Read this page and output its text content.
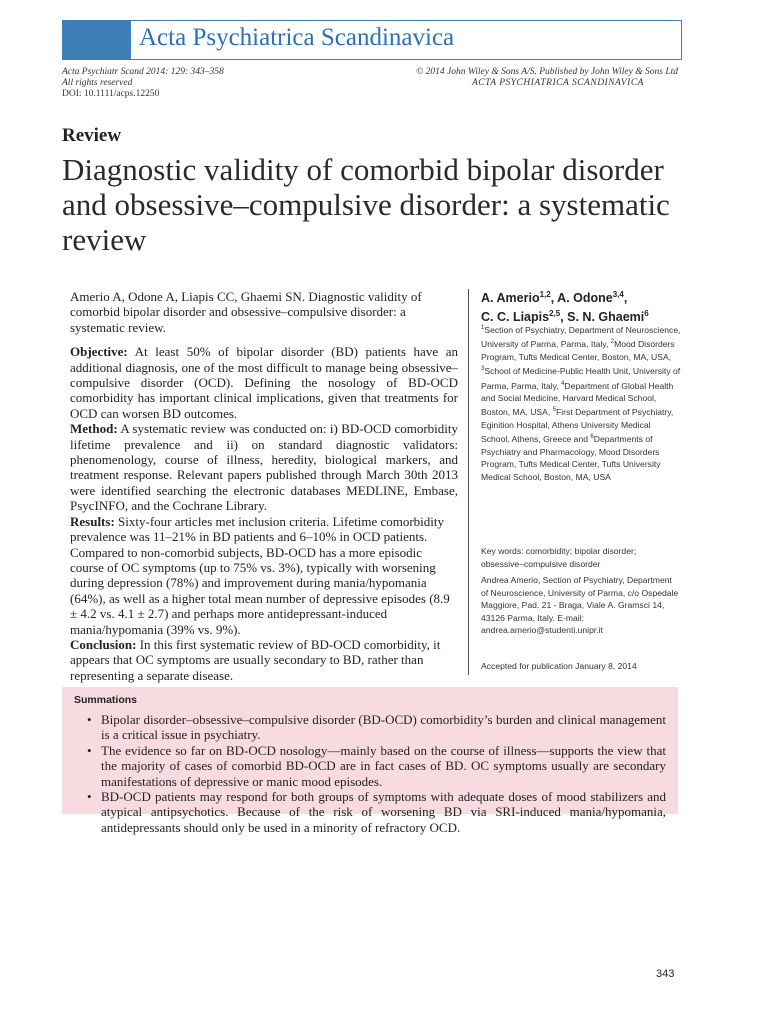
Acta Psychiatrica Scandinavica
Acta Psychiatr Scand 2014: 129: 343–358
All rights reserved
DOI: 10.1111/acps.12250
© 2014 John Wiley & Sons A/S. Published by John Wiley & Sons Ltd
ACTA PSYCHIATRICA SCANDINAVICA
Review
Diagnostic validity of comorbid bipolar disorder and obsessive–compulsive disorder: a systematic review

Amerio A, Odone A, Liapis CC, Ghaemi SN. Diagnostic validity of comorbid bipolar disorder and obsessive–compulsive disorder: a systematic review.

Objective: At least 50% of bipolar disorder (BD) patients have an additional diagnosis, one of the most difficult to manage being obsessive–compulsive disorder (OCD). Defining the nosology of BD-OCD comorbidity has important clinical implications, given that treatments for OCD can worsen BD outcomes.

Method: A systematic review was conducted on: i) BD-OCD comorbidity lifetime prevalence and ii) on standard diagnostic validators: phenomenology, course of illness, heredity, biological markers, and treatment response. Relevant papers published through March 30th 2013 were identified searching the electronic databases MEDLINE, Embase, PsycINFO, and the Cochrane Library.

Results: Sixty-four articles met inclusion criteria. Lifetime comorbidity prevalence was 11–21% in BD patients and 6–10% in OCD patients. Compared to non-comorbid subjects, BD-OCD has a more episodic course of OC symptoms (up to 75% vs. 3%), typically with worsening during depression (78%) and improvement during mania/hypomania (64%), as well as a higher total mean number of depressive episodes (8.9 ± 4.2 vs. 4.1 ± 2.7) and perhaps more antidepressant-induced mania/hypomania (39% vs. 9%).

Conclusion: In this first systematic review of BD-OCD comorbidity, it appears that OC symptoms are usually secondary to BD, rather than representing a separate disease.

A. Amerio$^{1,2}$, A. Odone$^{3,4}$,
C. C. Liapis$^{2,5}$, S. N. Ghaemi$^6$
$^1$Section of Psychiatry, Department of Neuroscience, University of Parma, Parma, Italy, $^2$Mood Disorders Program, Tufts Medical Center, Boston, MA, USA, $^3$School of Medicine-Public Health Unit, University of Parma, Parma, Italy, $^4$Department of Global Health and Social Medicine, Harvard Medical School, Boston, MA, USA, $^5$First Department of Psychiatry, Eginition Hospital, Athens University Medical School, Athens, Greece and $^6$Departments of Psychiatry and Pharmacology, Mood Disorders Program, Tufts Medical Center, Tufts University Medical School, Boston, MA, USA
Key words: comorbidity; bipolar disorder; obsessive–compulsive disorder
Andrea Amerio, Section of Psychiatry, Department of Neuroscience, University of Parma, c/o Ospedale Maggiore, Pad. 21 - Braga, Viale A. Gramsci 14, 43126 Parma, Italy. E-mail: andrea.amerio@studenti.unipr.it
Accepted for publication January 8, 2014
Summations
• Bipolar disorder–obsessive–compulsive disorder (BD-OCD) comorbidity’s burden and clinical management is a critical issue in psychiatry.
• The evidence so far on BD-OCD nosology—mainly based on the course of illness—supports the view that the majority of cases of comorbid BD-OCD are in fact cases of BD. OC symptoms usually are secondary manifestations of depressive or manic mood episodes.
• BD-OCD patients may respond for both groups of symptoms with adequate doses of mood stabilizers and atypical antipsychotics. Because of the risk of worsening BD via SRI-induced mania/hypomania, antidepressants should only be used in a minority of refractory OCD.
343
